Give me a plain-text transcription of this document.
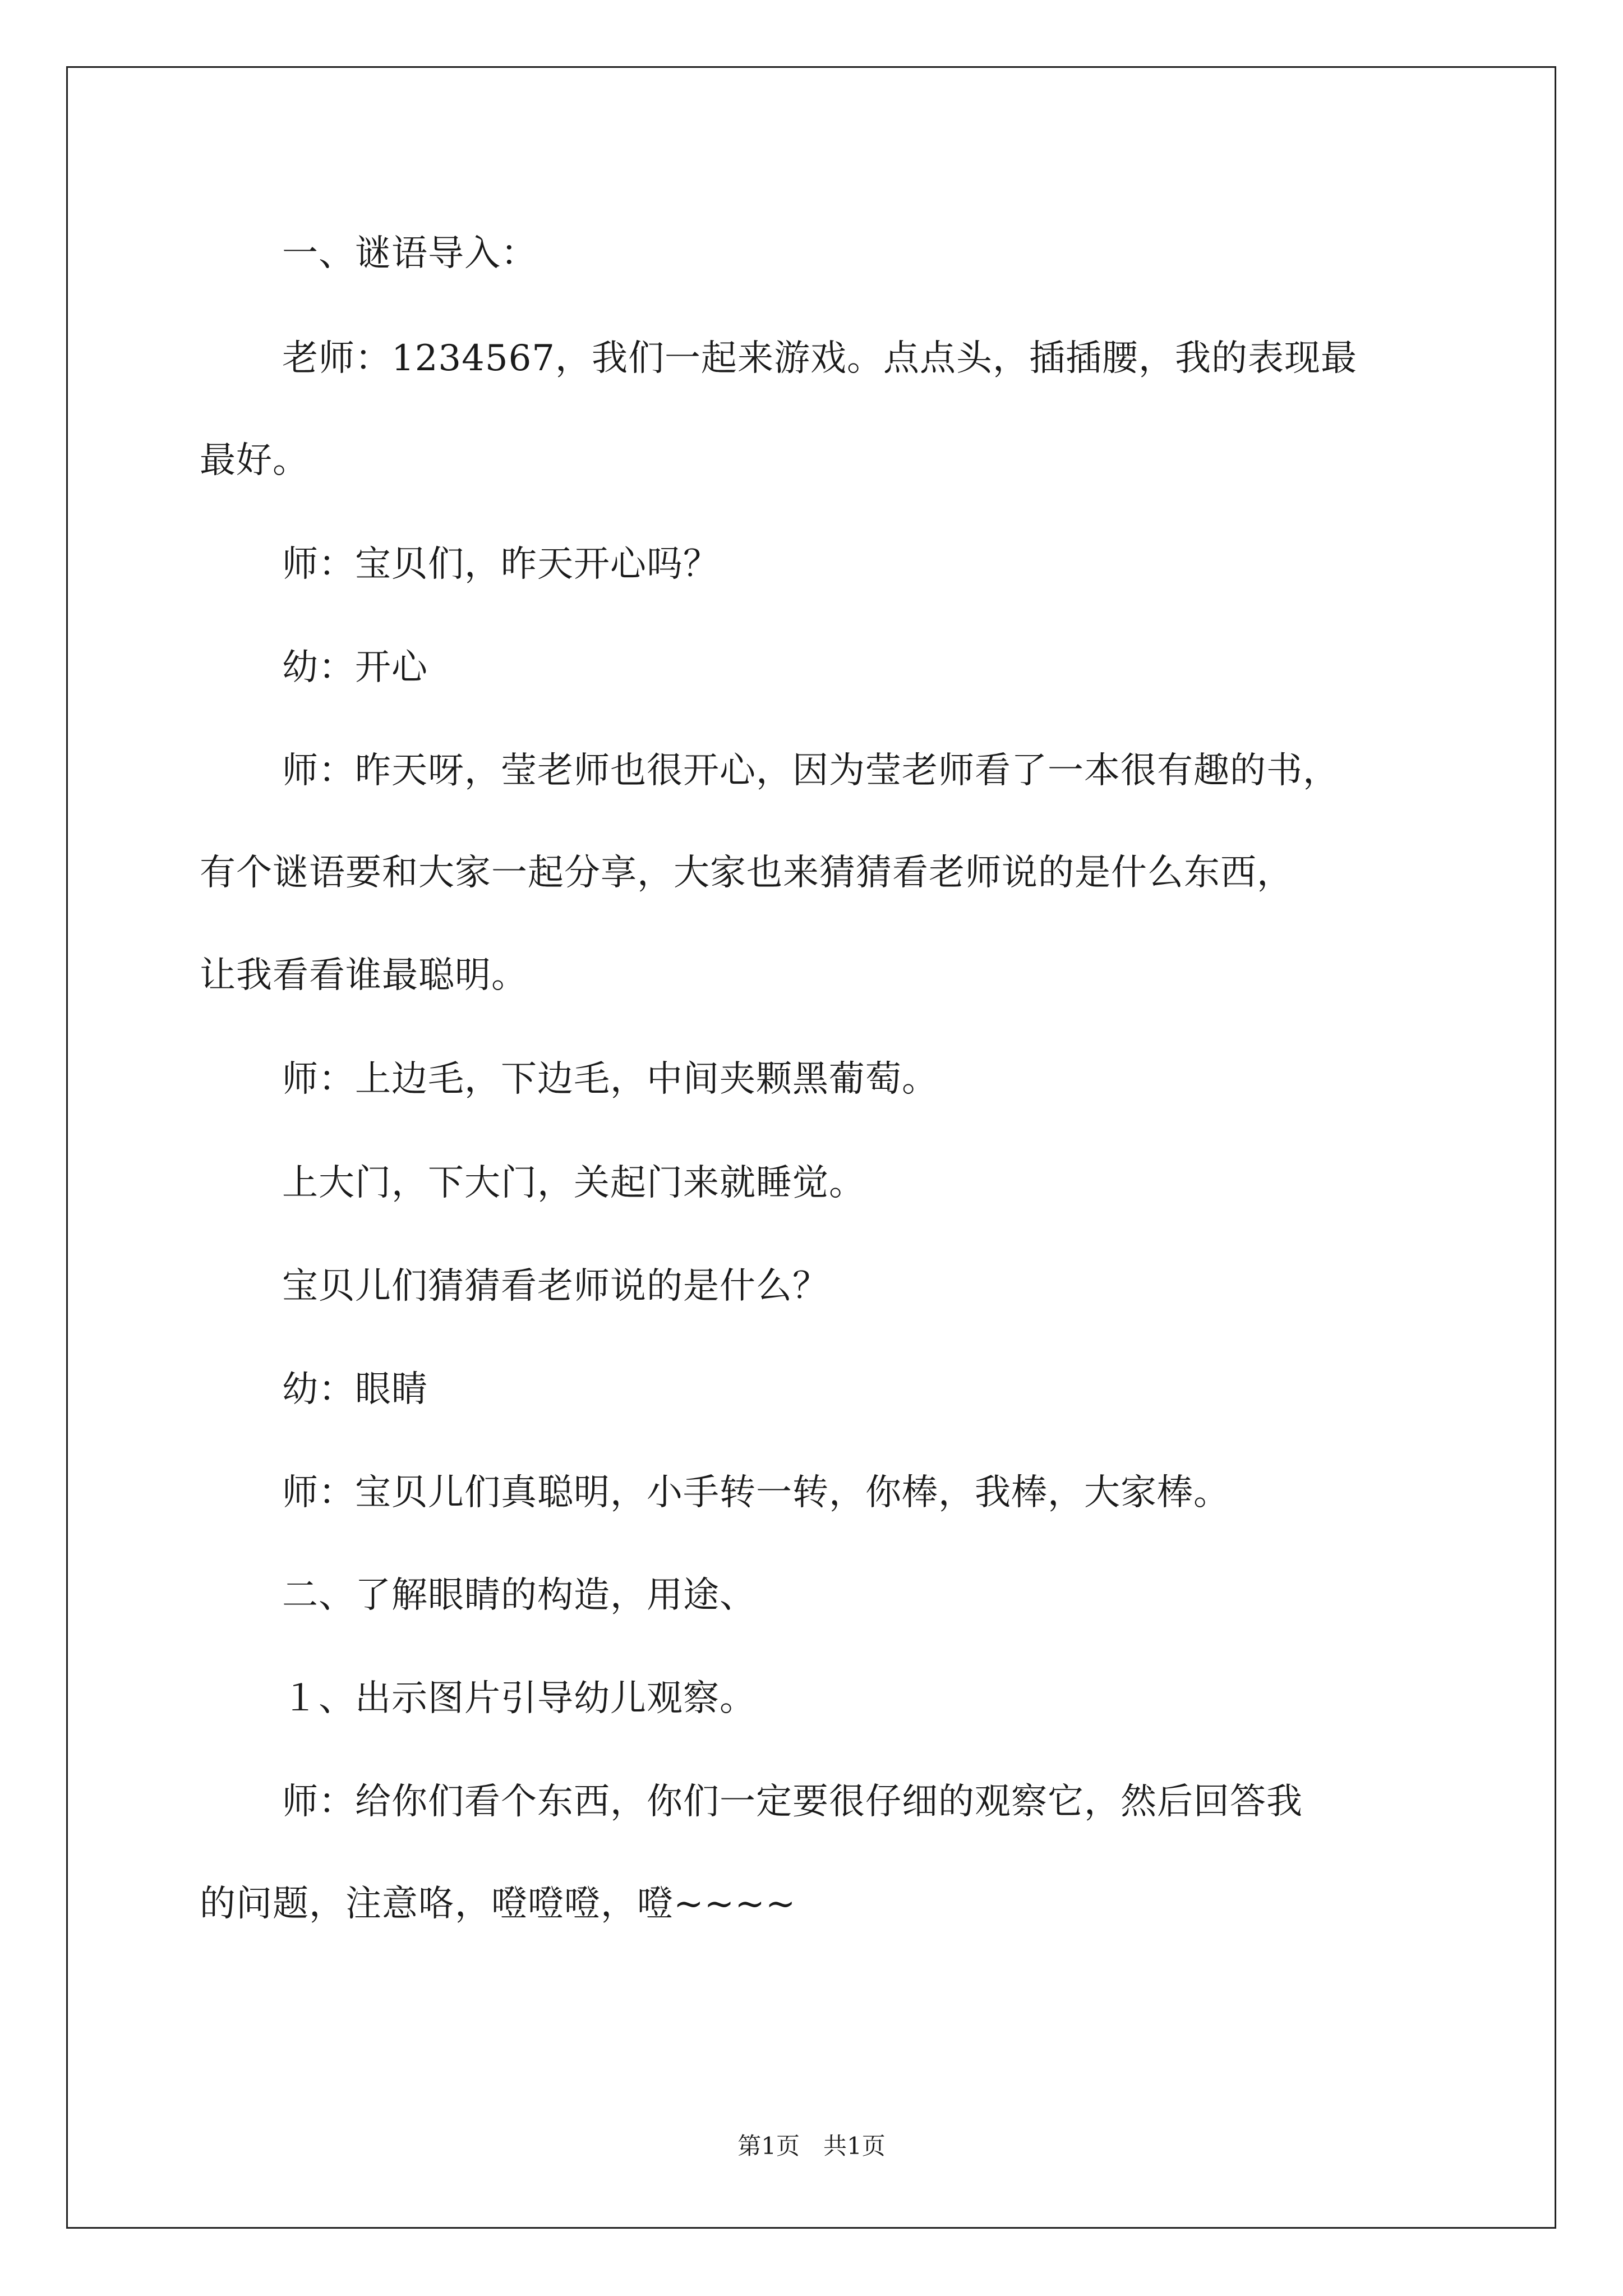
一、谜语导入：

老师：1234567，我们一起来游戏。点点头，插插腰，我的表现最

最好。

师：宝贝们，昨天开心吗？

幼：开心

师：昨天呀，莹老师也很开心，因为莹老师看了一本很有趣的书，

有个谜语要和大家一起分享，大家也来猜猜看老师说的是什么东西，

让我看看谁最聪明。

师：上边毛，下边毛，中间夹颗黑葡萄。

上大门，下大门，关起门来就睡觉。

宝贝儿们猜猜看老师说的是什么？

幼：眼睛

师：宝贝儿们真聪明，小手转一转，你棒，我棒，大家棒。

二、了解眼睛的构造，用途、

１、出示图片引导幼儿观察。

师：给你们看个东西，你们一定要很仔细的观察它，然后回答我

的问题，注意咯，噔噔噔，噔~~~~

第1页　共1页
